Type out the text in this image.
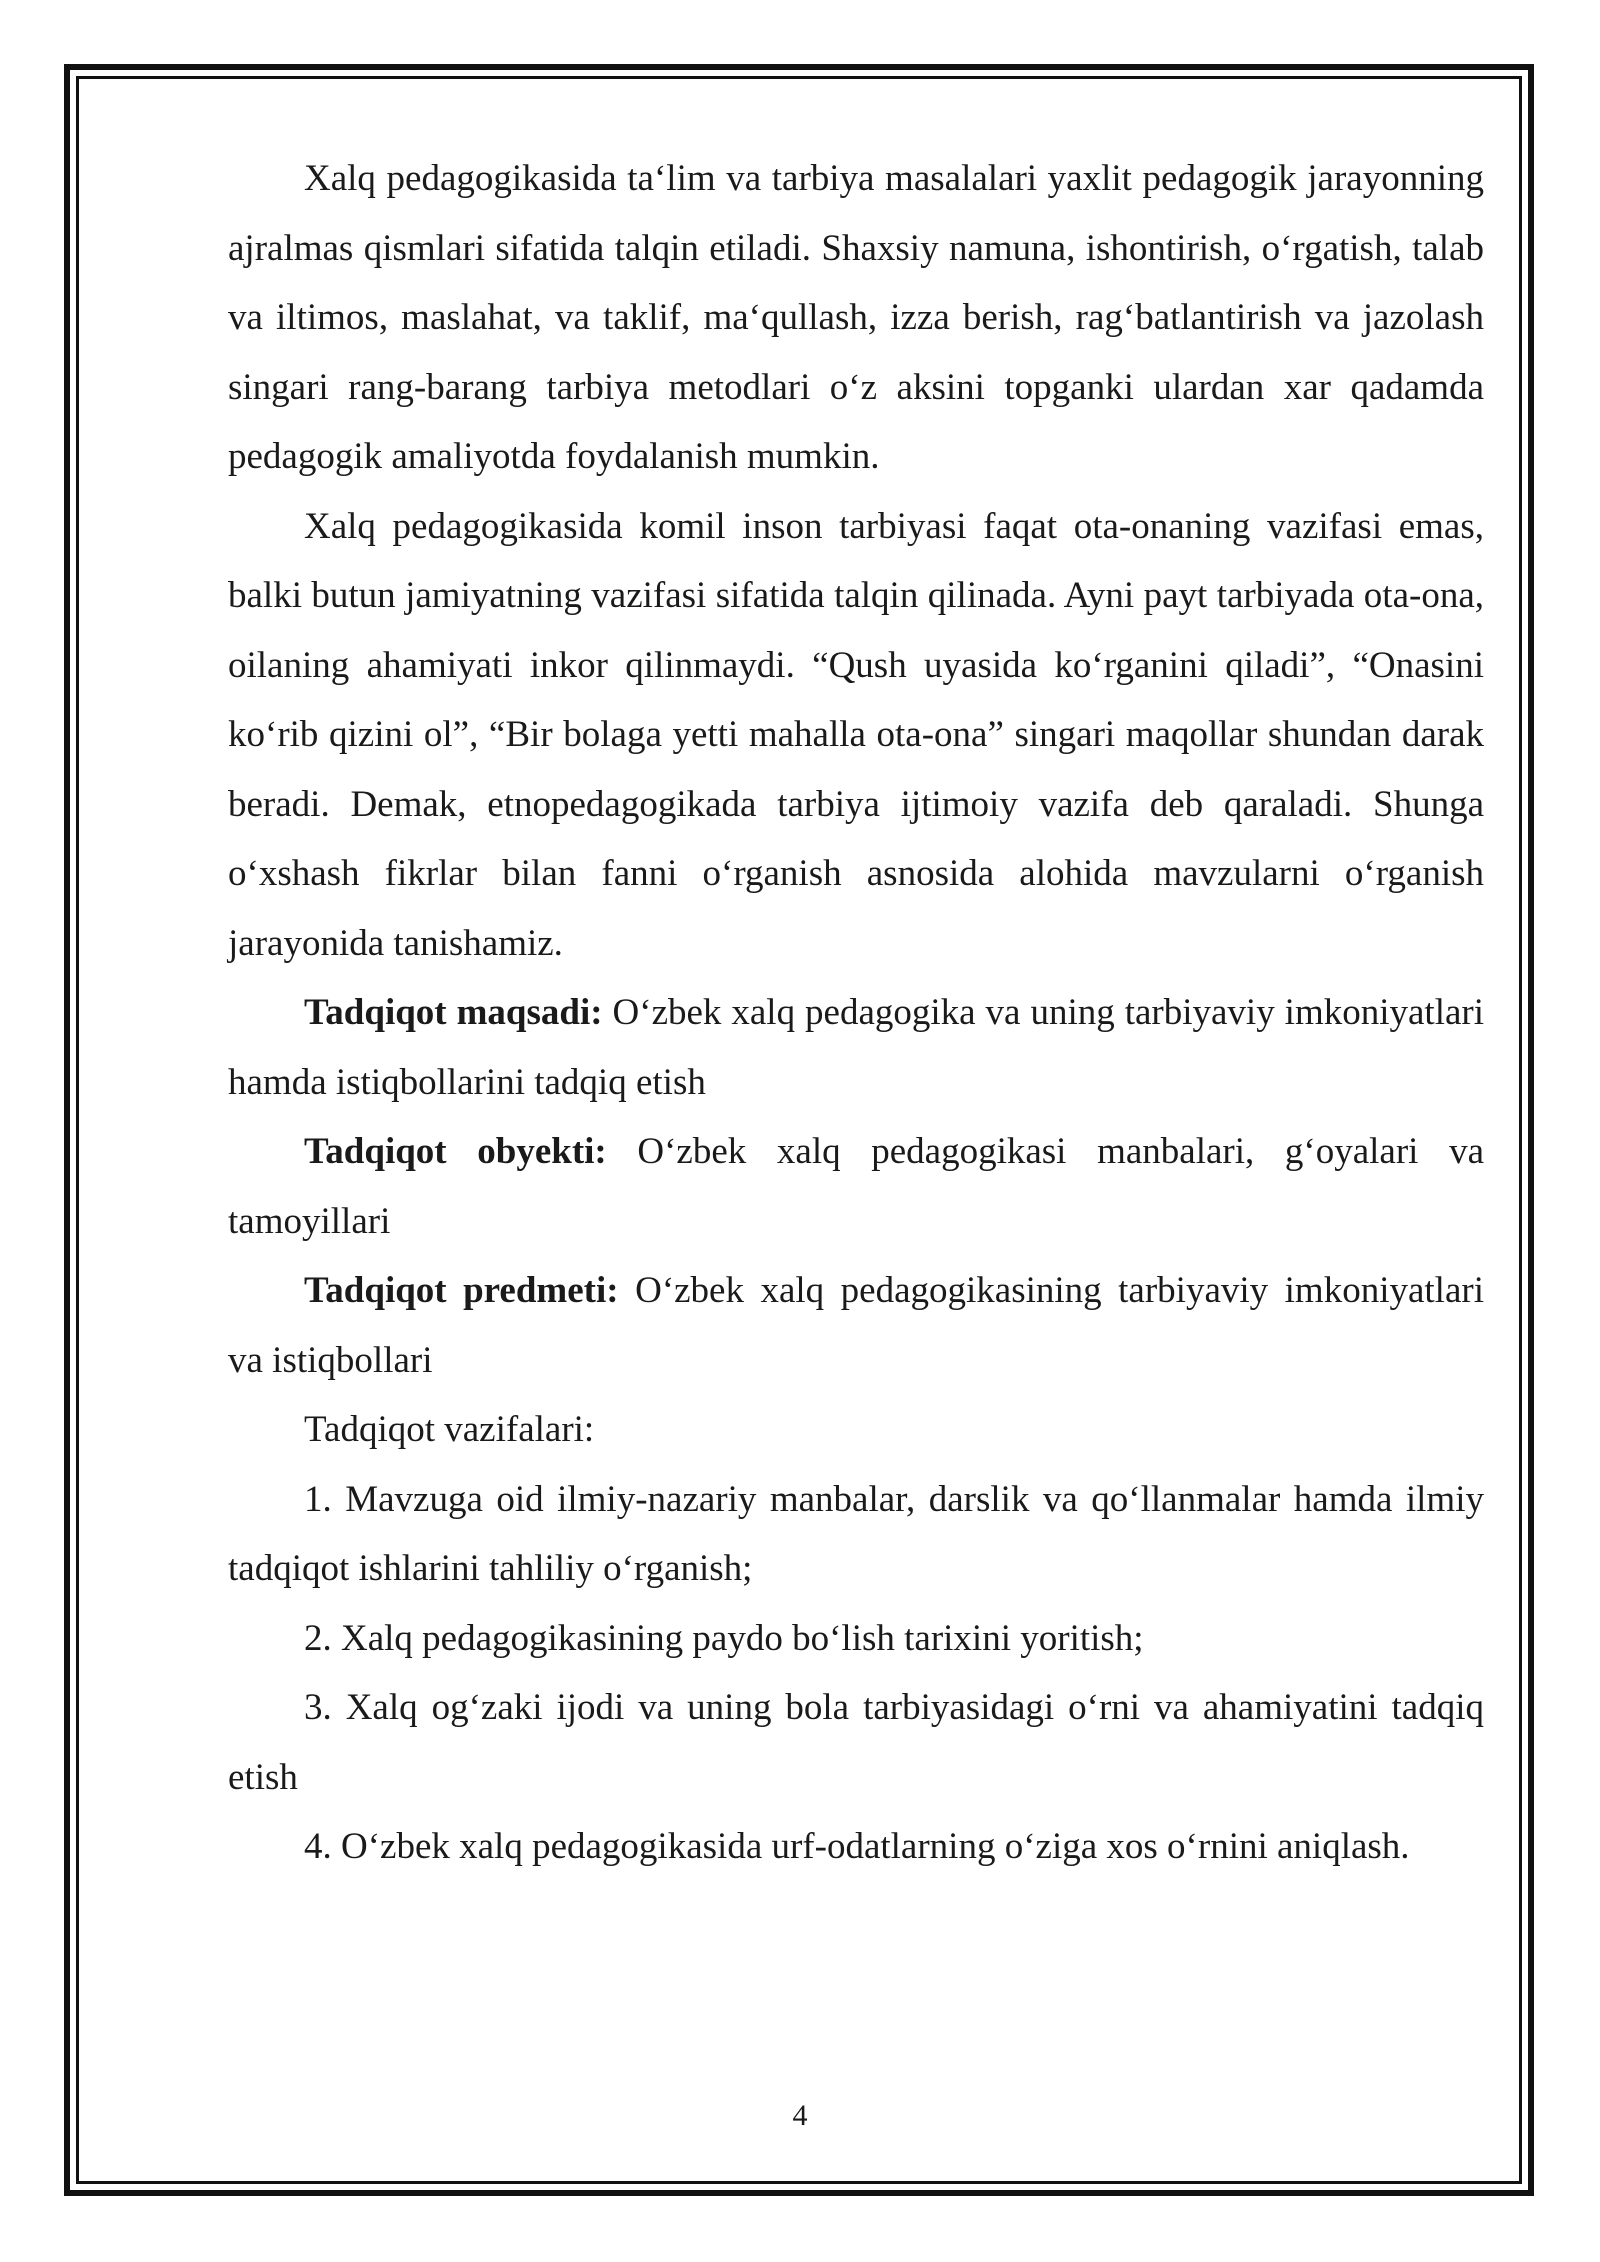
Xalq pedagogikasida ta‘lim va tarbiya masalalari yaxlit pedagogik jarayonning ajralmas qismlari sifatida talqin etiladi. Shaxsiy namuna, ishontirish, o‘rgatish, talab va iltimos, maslahat, va taklif, ma‘qullash, izza berish, rag‘batlantirish va jazolash singari rang-barang tarbiya metodlari o‘z aksini topganki ulardan xar qadamda pedagogik amaliyotda foydalanish mumkin.

Xalq pedagogikasida komil inson tarbiyasi faqat ota-onaning vazifasi emas, balki butun jamiyatning vazifasi sifatida talqin qilinada. Ayni payt tarbiyada ota-ona, oilaning ahamiyati inkor qilinmaydi. “Qush uyasida ko‘rganini qiladi”, “Onasini ko‘rib qizini ol”, “Bir bolaga yetti mahalla ota-ona” singari maqollar shundan darak beradi. Demak, etnopedagogikada tarbiya ijtimoiy vazifa deb qaraladi. Shunga o‘xshash fikrlar bilan fanni o‘rganish asnosida alohida mavzularni o‘rganish jarayonida tanishamiz.

Tadqiqot maqsadi: O‘zbek xalq pedagogika va uning tarbiyaviy imkoniyatlari hamda istiqbollarini tadqiq etish

Tadqiqot obyekti: O‘zbek xalq pedagogikasi manbalari, g‘oyalari va tamoyillari

Tadqiqot predmeti: O‘zbek xalq pedagogikasining tarbiyaviy imkoniyatlari va istiqbollari

Tadqiqot vazifalari:

1. Mavzuga oid ilmiy-nazariy manbalar, darslik va qo‘llanmalar hamda ilmiy tadqiqot ishlarini tahliliy o‘rganish;

2. Xalq pedagogikasining paydo bo‘lish tarixini yoritish;

3. Xalq og‘zaki ijodi va uning bola tarbiyasidagi o‘rni va ahamiyatini tadqiq etish

4. O‘zbek xalq pedagogikasida urf-odatlarning o‘ziga xos o‘rnini aniqlash.

4
